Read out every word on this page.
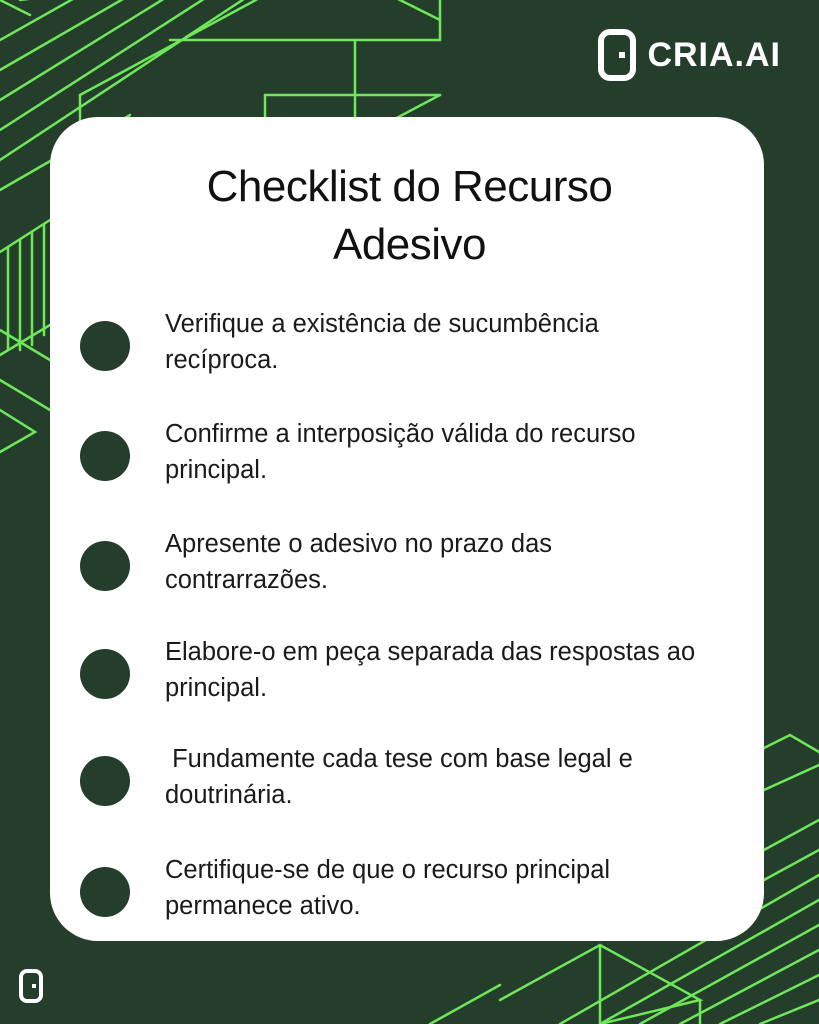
CRIA.AI
Checklist do Recurso
Adesivo
Verifique a existência de sucumbência
recíproca.
Confirme a interposição válida do recurso
principal.
Apresente o adesivo no prazo das
contrarrazões.
Elabore-o em peça separada das respostas ao
principal.
Fundamente cada tese com base legal e
doutrinária.
Certifique-se de que o recurso principal
permanece ativo.
